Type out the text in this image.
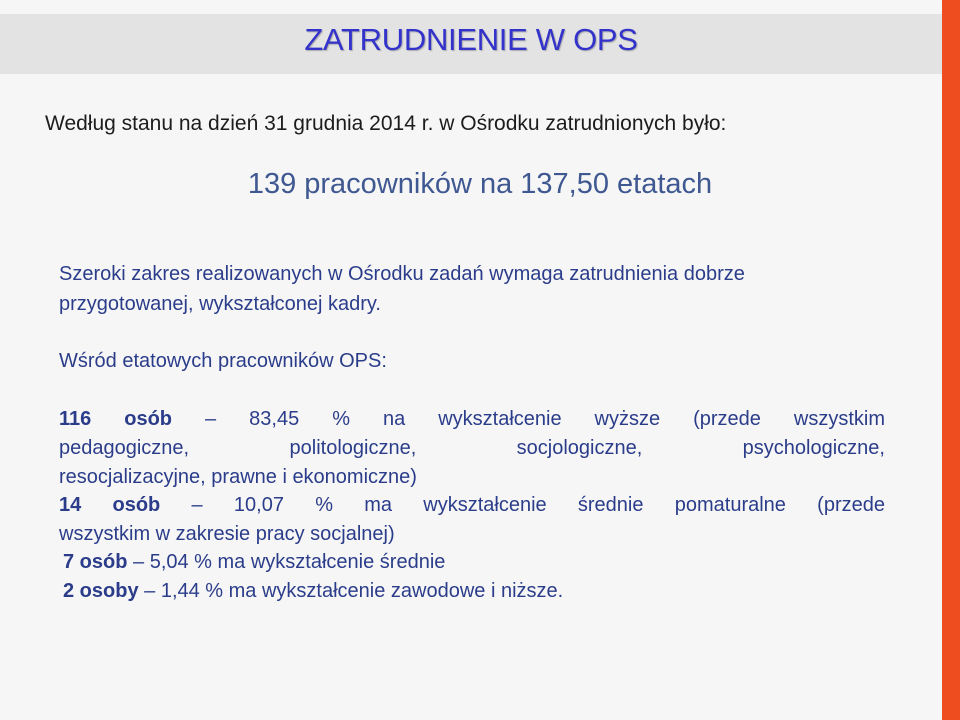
ZATRUDNIENIE W OPS
Według stanu na dzień 31 grudnia 2014 r. w Ośrodku zatrudnionych było:
139 pracowników na 137,50 etatach
Szeroki zakres realizowanych w Ośrodku zadań wymaga zatrudnienia dobrze
przygotowanej, wykształconej kadry.
Wśród etatowych pracowników OPS:
116 osób – 83,45 % na wykształcenie wyższe (przede wszystkim
pedagogiczne, politologiczne, socjologiczne, psychologiczne,
resocjalizacyjne, prawne i ekonomiczne)
14 osób – 10,07 % ma wykształcenie średnie pomaturalne (przede
wszystkim w zakresie pracy socjalnej)
7 osób – 5,04 % ma wykształcenie średnie
2 osoby – 1,44 % ma wykształcenie zawodowe i niższe.
